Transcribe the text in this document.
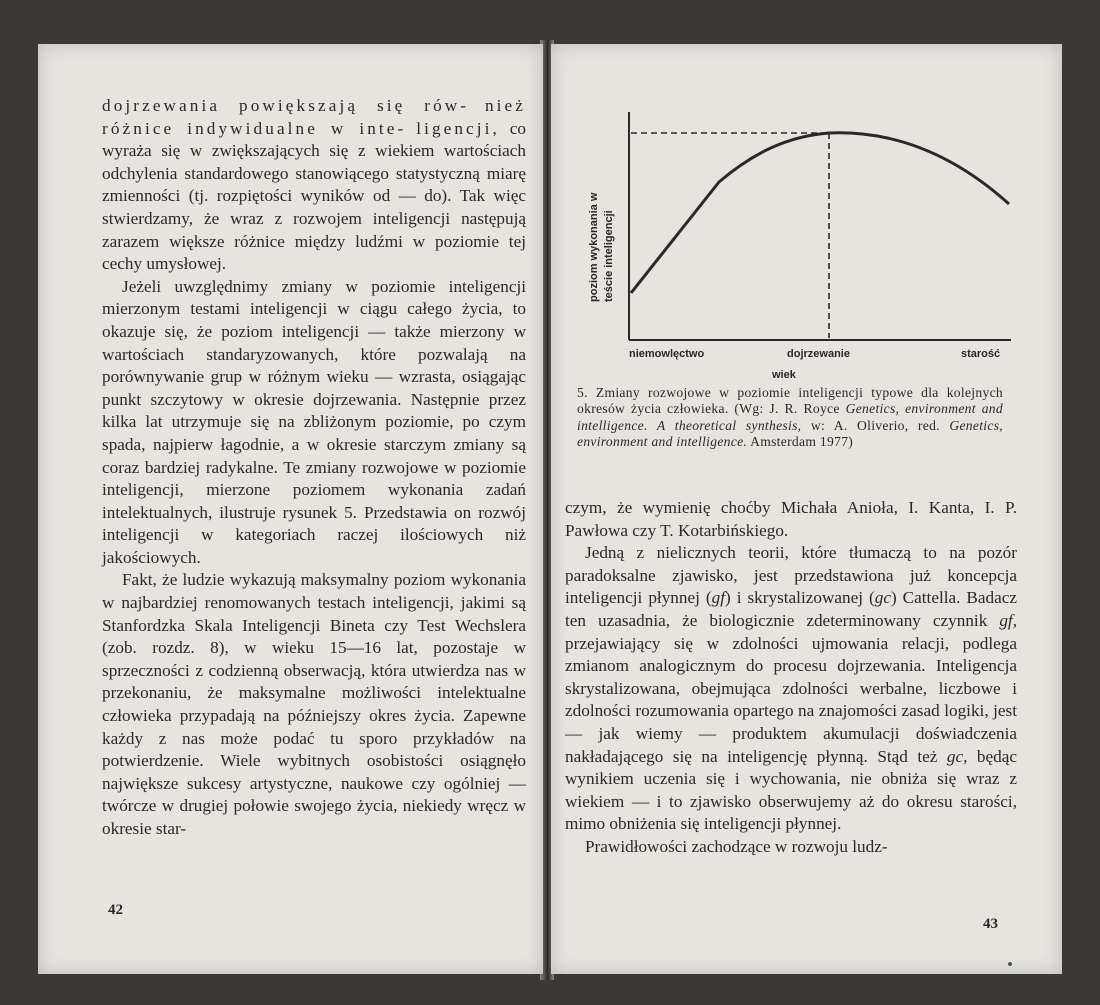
dojrzewania powiększają się rów- nież różnice indywidualne w inte- ligencji, co wyraża się w zwiększających się z wiekiem wartościach odchylenia standardowego stanowiącego statystyczną miarę zmienności (tj. rozpiętości wyników od — do). Tak więc stwierdzamy, że wraz z rozwojem inteligencji następują zarazem większe różnice między ludźmi w poziomie tej cechy umysłowej.

Jeżeli uwzględnimy zmiany w poziomie inteligencji mierzonym testami inteligencji w ciągu całego życia, to okazuje się, że poziom inteligencji — także mierzony w wartościach standaryzowanych, które pozwalają na porównywanie grup w różnym wieku — wzrasta, osiągając punkt szczytowy w okresie dojrzewania. Następnie przez kilka lat utrzymuje się na zbliżonym poziomie, po czym spada, najpierw łagodnie, a w okresie starczym zmiany są coraz bardziej radykalne. Te zmiany rozwojowe w poziomie inteligencji, mierzone poziomem wykonania zadań intelektualnych, ilustruje rysunek 5. Przedstawia on rozwój inteligencji w kategoriach raczej ilościowych niż jakościowych.

Fakt, że ludzie wykazują maksymalny poziom wykonania w najbardziej renomowanych testach inteligencji, jakimi są Stanfordzka Skala Inteligencji Bineta czy Test Wechslera (zob. rozdz. 8), w wieku 15—16 lat, pozostaje w sprzeczności z codzienną obserwacją, która utwierdza nas w przekonaniu, że maksymalne możliwości intelektualne człowieka przypadają na późniejszy okres życia. Zapewne każdy z nas może podać tu sporo przykładów na potwierdzenie. Wiele wybitnych osobistości osiągnęło największe sukcesy artystyczne, naukowe czy ogólniej — twórcze w drugiej połowie swojego życia, niekiedy wręcz w okresie star-

42
poziom wykonania w teście inteligencji
niemowlęctwo	dojrzewanie	starość
wiek
5. Zmiany rozwojowe w poziomie inteligencji typowe dla kolejnych okresów życia człowieka. (Wg: J. R. Royce Genetics, environment and intelligence. A theoretical synthesis, w: A. Oliverio, red. Genetics, environment and intelligence. Amsterdam 1977)

czym, że wymienię choćby Michała Anioła, I. Kanta, I. P. Pawłowa czy T. Kotarbińskiego.

Jedną z nielicznych teorii, które tłumaczą to na pozór paradoksalne zjawisko, jest przedstawiona już koncepcja inteligencji płynnej (gf) i skrystalizowanej (gc) Cattella. Badacz ten uzasadnia, że biologicznie zdeterminowany czynnik gf, przejawiający się w zdolności ujmowania relacji, podlega zmianom analogicznym do procesu dojrzewania. Inteligencja skrystalizowana, obejmująca zdolności werbalne, liczbowe i zdolności rozumowania opartego na znajomości zasad logiki, jest — jak wiemy — produktem akumulacji doświadczenia nakładającego się na inteligencję płynną. Stąd też gc, będąc wynikiem uczenia się i wychowania, nie obniża się wraz z wiekiem — i to zjawisko obserwujemy aż do okresu starości, mimo obniżenia się inteligencji płynnej.

Prawidłowości zachodzące w rozwoju ludz-

43
